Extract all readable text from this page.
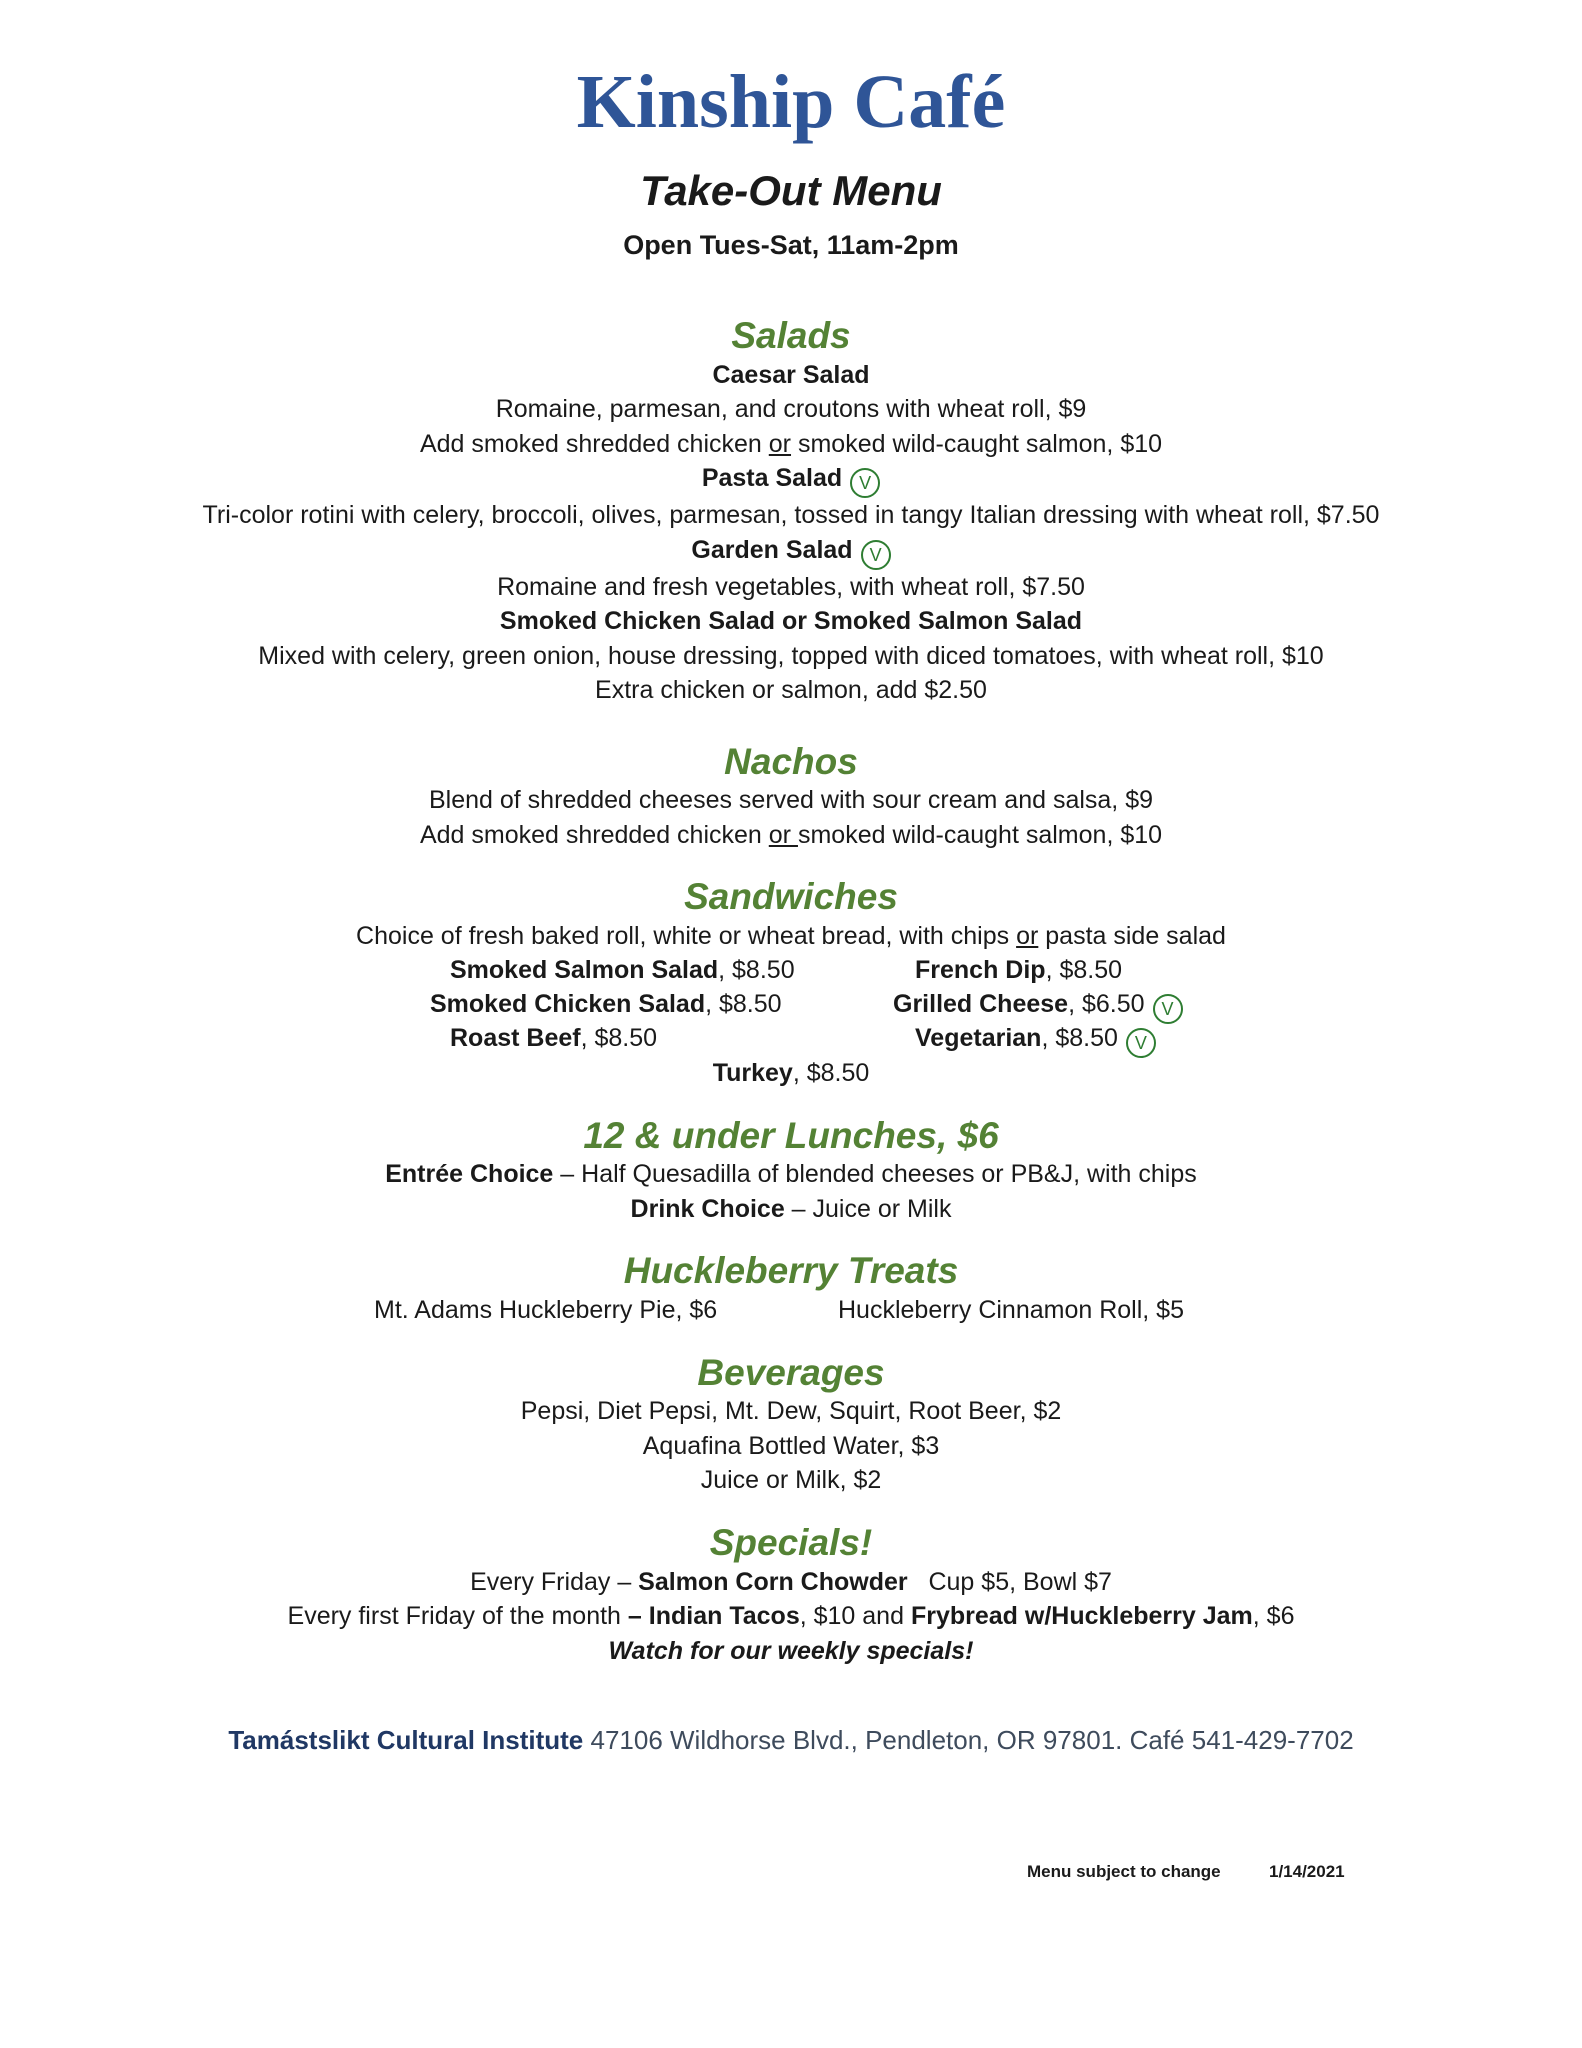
Kinship Café
Take-Out Menu
Open Tues-Sat, 11am-2pm
Salads
Caesar Salad
Romaine, parmesan, and croutons with wheat roll, $9
Add smoked shredded chicken or smoked wild-caught salmon, $10
Pasta Salad V
Tri-color rotini with celery, broccoli, olives, parmesan, tossed in tangy Italian dressing with wheat roll, $7.50
Garden Salad V
Romaine and fresh vegetables, with wheat roll, $7.50
Smoked Chicken Salad or Smoked Salmon Salad
Mixed with celery, green onion, house dressing, topped with diced tomatoes, with wheat roll, $10
Extra chicken or salmon, add $2.50
Nachos
Blend of shredded cheeses served with sour cream and salsa, $9
Add smoked shredded chicken or smoked wild-caught salmon, $10
Sandwiches
Choice of fresh baked roll, white or wheat bread, with chips or pasta side salad
Smoked Salmon Salad, $8.50	French Dip, $8.50
Smoked Chicken Salad, $8.50	Grilled Cheese, $6.50 V
Roast Beef, $8.50	Vegetarian, $8.50 V
Turkey, $8.50
12 & under Lunches, $6
Entrée Choice – Half Quesadilla of blended cheeses or PB&J, with chips
Drink Choice – Juice or Milk
Huckleberry Treats
Mt. Adams Huckleberry Pie, $6	Huckleberry Cinnamon Roll, $5
Beverages
Pepsi, Diet Pepsi, Mt. Dew, Squirt, Root Beer, $2
Aquafina Bottled Water, $3
Juice or Milk, $2
Specials!
Every Friday – Salmon Corn Chowder   Cup $5, Bowl $7
Every first Friday of the month – Indian Tacos, $10 and Frybread w/Huckleberry Jam, $6
Watch for our weekly specials!
Tamástslikt Cultural Institute 47106 Wildhorse Blvd., Pendleton, OR 97801. Café 541-429-7702
Menu subject to change	1/14/2021
